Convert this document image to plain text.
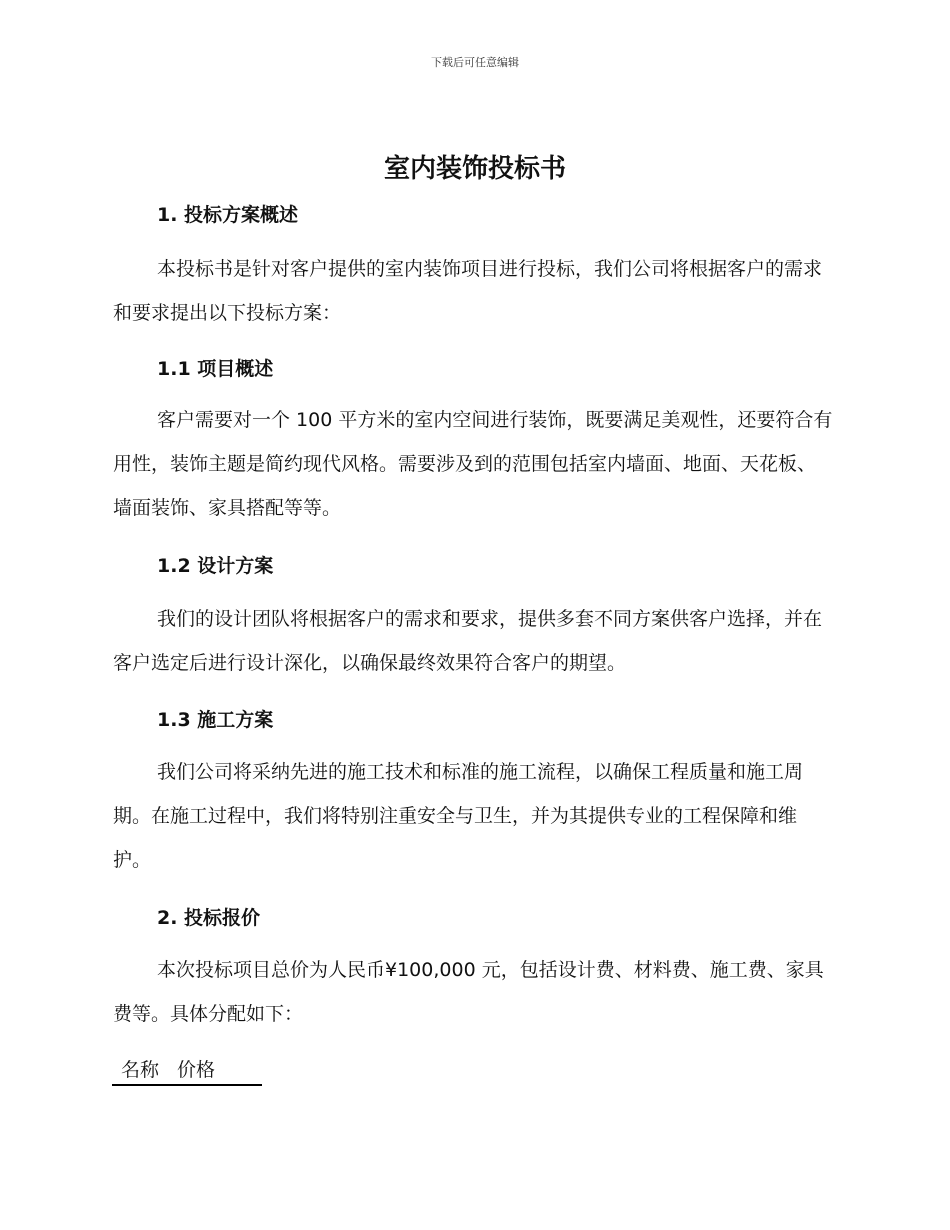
下载后可任意编辑
室内装饰投标书
1. 投标方案概述

本投标书是针对客户提供的室内装饰项目进行投标，我们公司将根据客户的需求和要求提出以下投标方案：

1.1 项目概述

客户需要对一个 100 平方米的室内空间进行装饰，既要满足美观性，还要符合有用性，装饰主题是简约现代风格。需要涉及到的范围包括室内墙面、地面、天花板、墙面装饰、家具搭配等等。

1.2 设计方案

我们的设计团队将根据客户的需求和要求，提供多套不同方案供客户选择，并在客户选定后进行设计深化，以确保最终效果符合客户的期望。

1.3 施工方案

我们公司将采纳先进的施工技术和标准的施工流程，以确保工程质量和施工周期。在施工过程中，我们将特别注重安全与卫生，并为其提供专业的工程保障和维护。

2. 投标报价

本次投标项目总价为人民币¥100,000 元，包括设计费、材料费、施工费、家具费等。具体分配如下：

名称 价格
